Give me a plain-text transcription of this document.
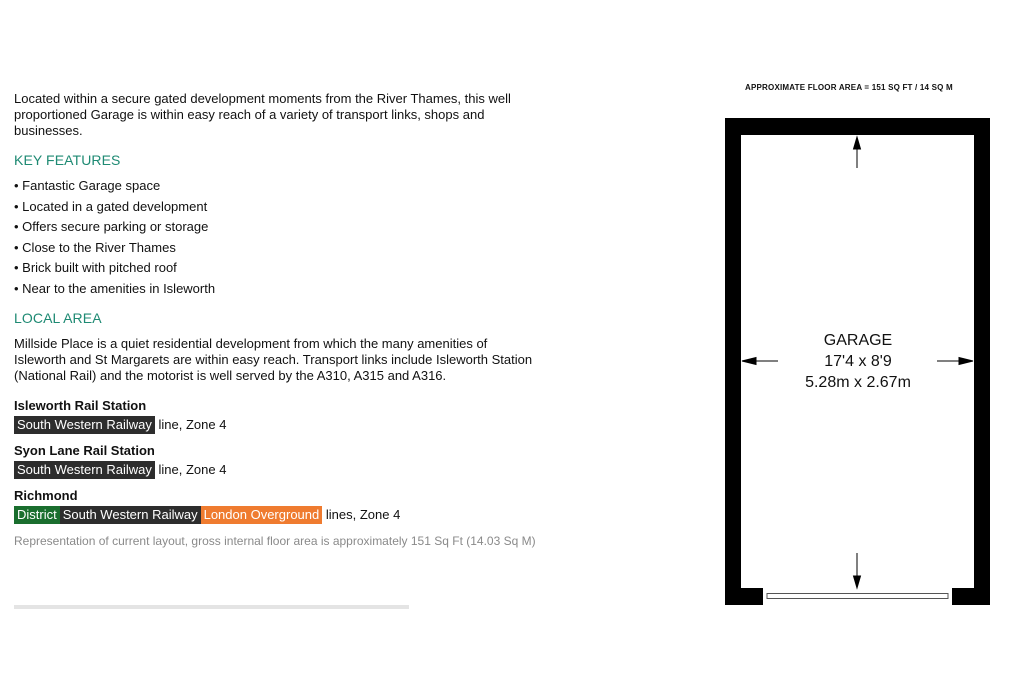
Located within a secure gated development moments from the River Thames, this well proportioned Garage is within easy reach of a variety of transport links, shops and businesses.

KEY FEATURES
• Fantastic Garage space
• Located in a gated development
• Offers secure parking or storage
• Close to the River Thames
• Brick built with pitched roof
• Near to the amenities in Isleworth
LOCAL AREA

Millside Place is a quiet residential development from which the many amenities of Isleworth and St Margarets are within easy reach. Transport links include Isleworth Station (National Rail) and the motorist is well served by the A310, A315 and A316.

Isleworth Rail Station
South Western Railway line, Zone 4
Syon Lane Rail Station
South Western Railway line, Zone 4
Richmond
District South Western Railway London Overground lines, Zone 4
Representation of current layout, gross internal floor area is approximately 151 Sq Ft (14.03 Sq M)
APPROXIMATE FLOOR AREA = 151 SQ FT / 14 SQ M
GARAGE
17'4 x 8'9
5.28m x 2.67m
